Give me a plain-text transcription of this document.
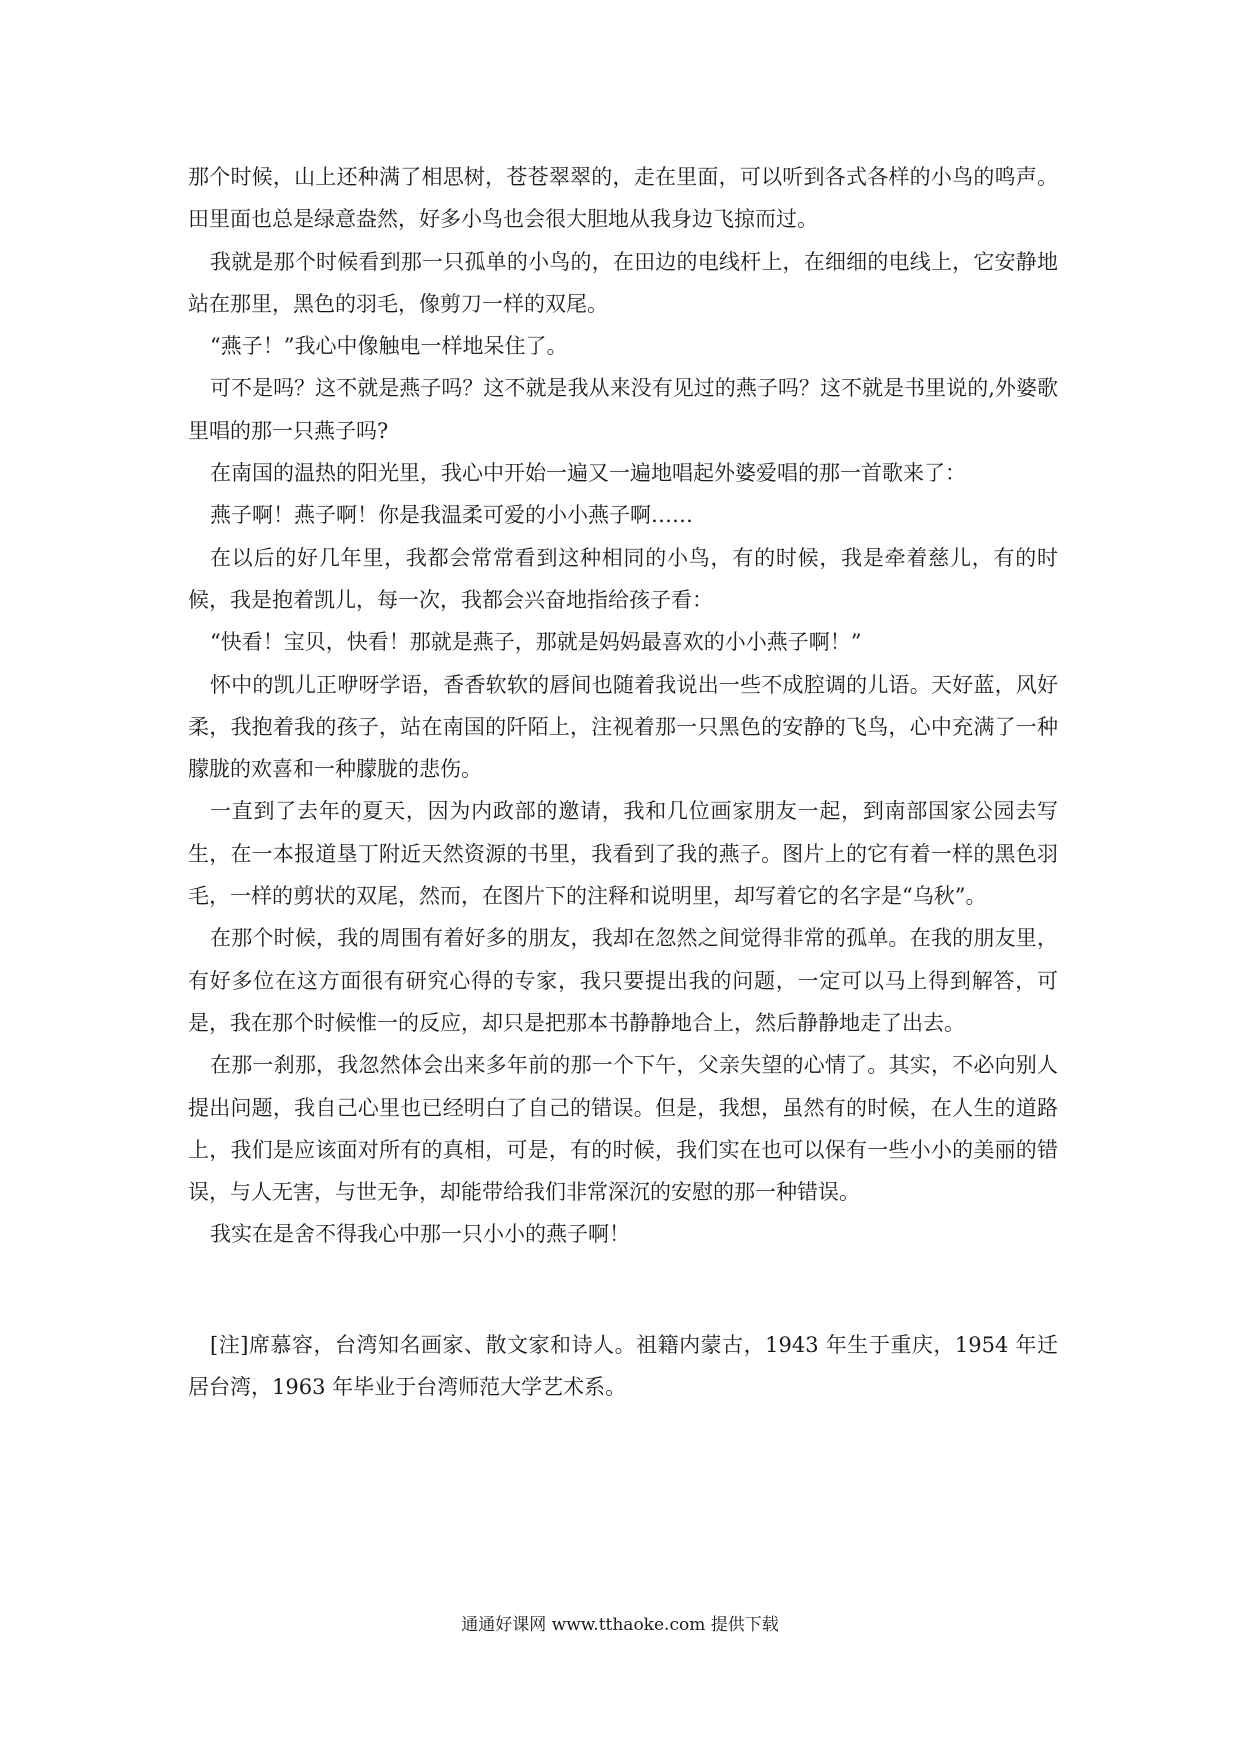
那个时候，山上还种满了相思树，苍苍翠翠的，走在里面，可以听到各式各样的小鸟的鸣声。田里面也总是绿意盎然，好多小鸟也会很大胆地从我身边飞掠而过。

我就是那个时候看到那一只孤单的小鸟的，在田边的电线杆上，在细细的电线上，它安静地站在那里，黑色的羽毛，像剪刀一样的双尾。

“燕子！”我心中像触电一样地呆住了。

可不是吗？这不就是燕子吗？这不就是我从来没有见过的燕子吗？这不就是书里说的,外婆歌里唱的那一只燕子吗?

在南国的温热的阳光里，我心中开始一遍又一遍地唱起外婆爱唱的那一首歌来了：

燕子啊！燕子啊！你是我温柔可爱的小小燕子啊……

在以后的好几年里，我都会常常看到这种相同的小鸟，有的时候，我是牵着慈儿，有的时候，我是抱着凯儿，每一次，我都会兴奋地指给孩子看：

“快看！宝贝，快看！那就是燕子，那就是妈妈最喜欢的小小燕子啊！”

怀中的凯儿正咿呀学语，香香软软的唇间也随着我说出一些不成腔调的儿语。天好蓝，风好柔，我抱着我的孩子，站在南国的阡陌上，注视着那一只黑色的安静的飞鸟，心中充满了一种朦胧的欢喜和一种朦胧的悲伤。

一直到了去年的夏天，因为内政部的邀请，我和几位画家朋友一起，到南部国家公园去写生，在一本报道垦丁附近天然资源的书里，我看到了我的燕子。图片上的它有着一样的黑色羽毛，一样的剪状的双尾，然而，在图片下的注释和说明里，却写着它的名字是“乌秋”。

在那个时候，我的周围有着好多的朋友，我却在忽然之间觉得非常的孤单。在我的朋友里，有好多位在这方面很有研究心得的专家，我只要提出我的问题，一定可以马上得到解答，可是，我在那个时候惟一的反应，却只是把那本书静静地合上，然后静静地走了出去。

在那一刹那，我忽然体会出来多年前的那一个下午，父亲失望的心情了。其实，不必向别人提出问题，我自己心里也已经明白了自己的错误。但是，我想，虽然有的时候，在人生的道路上，我们是应该面对所有的真相，可是，有的时候，我们实在也可以保有一些小小的美丽的错误，与人无害，与世无争，却能带给我们非常深沉的安慰的那一种错误。

我实在是舍不得我心中那一只小小的燕子啊！

[注]席慕容，台湾知名画家、散文家和诗人。祖籍内蒙古，1943 年生于重庆，1954 年迁居台湾，1963 年毕业于台湾师范大学艺术系。

通通好课网 www.tthaoke.com 提供下载
